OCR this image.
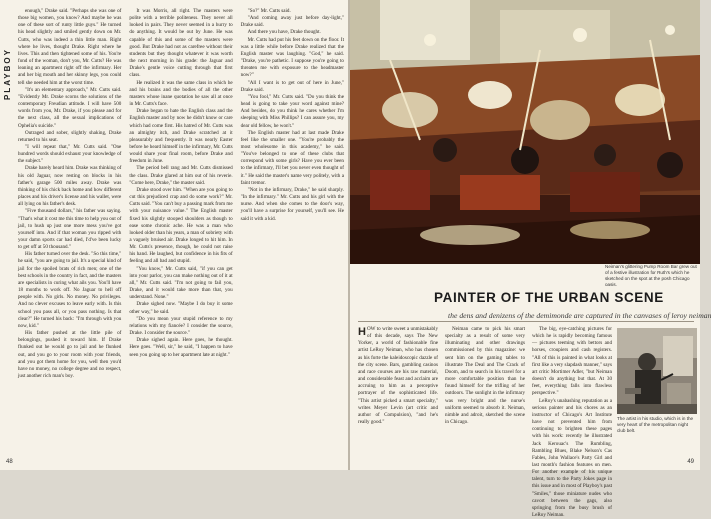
PLAYBOY

enough," Drake said. "Perhaps she was one of those big women, you know? And maybe he was one of these sort of runty little guys." He turned his head slightly and smiled gently down on Mr. Cutts, who was indeed a thin little man. Right where he lives, thought Drake. Right where he lives. This and then tightened some of his. You're fond of the woman, don't you, Mr. Cutts? He was leaning an apartment right off the infirmary. Her and her big mouth and her skinny legs, you could tell she needed him at the worst time.

"It's an elementary approach," Mr. Cutts said. "Evidently Mr. Drake scorns the solutions of the contemporary Freudian attitude. I will have 500 words from you, Mr. Drake, if you please and for the next class, all the sexual implications of Ophelia's suicide."

Outraged and sober, slightly shaking, Drake returned to his seat.

"I will repeat that," Mr. Cutts said. "One hundred words should exhaust your knowledge of the subject."

Drake barely heard him. Drake was thinking of his old Jaguar, now resting on blocks in his father's garage 500 miles away. Drake was thinking of his chick back home and how different places and his driver's license and his wallet, were all lying on his father's desk.

"Five thousand dollars," his father was saying. "That's what it cost me this time to help you out of jail, to hush up just one more mess you've got yourself into. And if that woman you ripped with your damn sports car had died, I'd've been lucky to get off at 50 thousand."

His father turned over the desk. "So this time," he said, "you are going to jail. It's a special kind of jail for the spoiled brats of rich men; one of the best schools in the country in fact, and the masters are specialists in curing what ails you. You'll have 18 months to work off. No Jaguar to hell off people with. No girls. No money. No privileges. And no clever excuses to leave early with. Is this school you pass all, or you pass nothing. Is that clear?" He turned his back: "I'm through with you now, kid."

His father pushed at the little pile of belongings, pushed it toward him. If Drake flunked out he would go to jail and he flunked out, and you go to your room with your friends, and you got them home for you, well then you'd have no money, no college degree and no respect, just another rich man's boy.

It was Morris, all right. The masters were polite with a terrible politeness. They never all looked in pairs. They never seemed in a hurry to do anything. It would be out by June. He was capable of this and some of the masters were good. But Drake had not as carefree without their students but they thought whatever it was worth the next morning in his grade: the Jaguar and Drake's gentle voice cutting through that first class.

He realized it was the same class in which he and his brains and the bodies of all the other masters whose inane quotation he saw all at once in Mr. Cutts's face.

Drake began to hate the English class and the English master and by now he didn't know or care which had come first. His hatred of Mr. Cutts was an almighty itch, and Drake scratched at it pleasurably and frequently. It was nearly Easter before he heard himself in the infirmary, Mr. Cutts would share your final room, before Drake and freedom in June.

The period bell rang and Mr. Cutts dismissed the class. Drake glared at him out of his reverie. "Come here, Drake," the master said.

Drake stood over him. "When are you going to cut this prejudiced crap and do some work?" Mr. Cutts said. "You can't buy a passing mark from me with your nuisance value." The English master fixed his slightly stooped shoulders as though to ease some chronic ache. He was a man who looked older than his years, a man of sobriety with a vaguely bruised air. Drake longed to hit him. In Mr. Cutts's presence, though, he could not raise his hand. He laughed, but confidence in his fits of feeling and all bad and stupid.

"You know," Mr. Cutts said, "if you can get into your parlor, you can make nothing out of it at all," Mr. Cutts said. "I'm not going to fail you, Drake, and it would take more than that, you understand. None."

Drake sighed now. "Maybe I do buy it some other way," he said.

"Do you mean your stupid reference to my relations with my fiancée? I consider the source, Drake. I consider the source."

Drake sighed again. Here goes, he thought. Here goes. "Well, sir," he said, "I happen to have seen you going up to her apartment late at night."

"So?" Mr. Cutts said.

"And coming away just before day-light," Drake said.

And there you have, Drake thought.

Mr. Cutts had put his feet down on the floor. It was a little while before Drake realized that the English master was laughing. "God," he said. "Drake, you're pathetic. I suppose you're going to threaten me with exposure to the headmaster now?"

"All I want is to get out of here in June," Drake said.

"You fool," Mr. Cutts said. "Do you think the head is going to take your word against mine? And besides, do you think he cares whether I'm sleeping with Miss Phillips? I can assure you, my dear old fellow, he won't."

The English master had at last made Drake feel like the smaller one. "You're probably the most wholesome in this academy," he said. "You've belonged to one of these clubs that correspond with some girls? Have you ever been to the infirmary, I'll bet you never even thought of it." He said the master's name very politely, with a faint tremor.

"Not in the infirmary, Drake," he said sharply. "In the infirmary." Mr. Cutts and his girl with the nurse. And when she comes to the door's way, you'll have a surprise for yourself, you'll see. He said it with a kid.

48
Neiman's glittering Pump Room Bar grew out of a festive illustration for Ruth's which he sketched on the spot at the posh Chicago oasis.
PAINTER OF THE URBAN SCENE
the dens and denizens of the demimonde are captured in the canvases of leroy neiman

HOW to write sweet a unmistakably of this decade, says The New Yorker, a world of fashionable fine artist LeRoy Neiman, who has chosen as his forte the kaleidoscopic dazzle of the city scene. Bars, gambling casinos and race courses are his raw material, and considerable feast and acclaim are accruing to him as a perceptive portrayer of the sophisticated life. "This artist picked a smart specialty," writes Meyer Levin (art critic and author of Compulsion), "and he's really good."

Neiman came to pick his smart specialty as a result of some very illuminating and other drawings commissioned by this magazine: we sent him on the gaming tables to illustrate The Deal and The Crack of Doom, and to search in his travel for a more comfortable position than he found himself for the trifling of her outdoors. The sunlight in the infirmary was very bright and the nurse's uniform seemed to absorb it. Neiman, nimble and adroit, sketched the scene in Chicago.

The big, eye-catching pictures for which he is rapidly becoming famous — pictures teeming with bettors and horses, croupiers and cash registers. "All of this is painted in what looks at first like a very slapdash manner," says art critic Mortimer Adler, "but Neiman doesn't do anything but that. At 30 feet, everything falls into flawless perspective."

LeRoy's unabashing reputation as a serious painter and his chores as an instructor of Chicago's Art Institute have not prevented him from continuing to brighten these pages with his work: recently he illustrated Jack Kerouac's The Rumbling, Rambling Blues, Blake Nelson's Cas Fables, John Wallace's Party Girl and last month's fashion features on men. For another example of his unique talent, turn to the Party Jokes page in this issue and in most of Playboy's past "Smiles," those miniature nudes who cavort between the gags, also springing from the busy brush of LeRoy Neiman.

The artist in his studio, which is in the very heart of the metropolitan night club belt.
49
